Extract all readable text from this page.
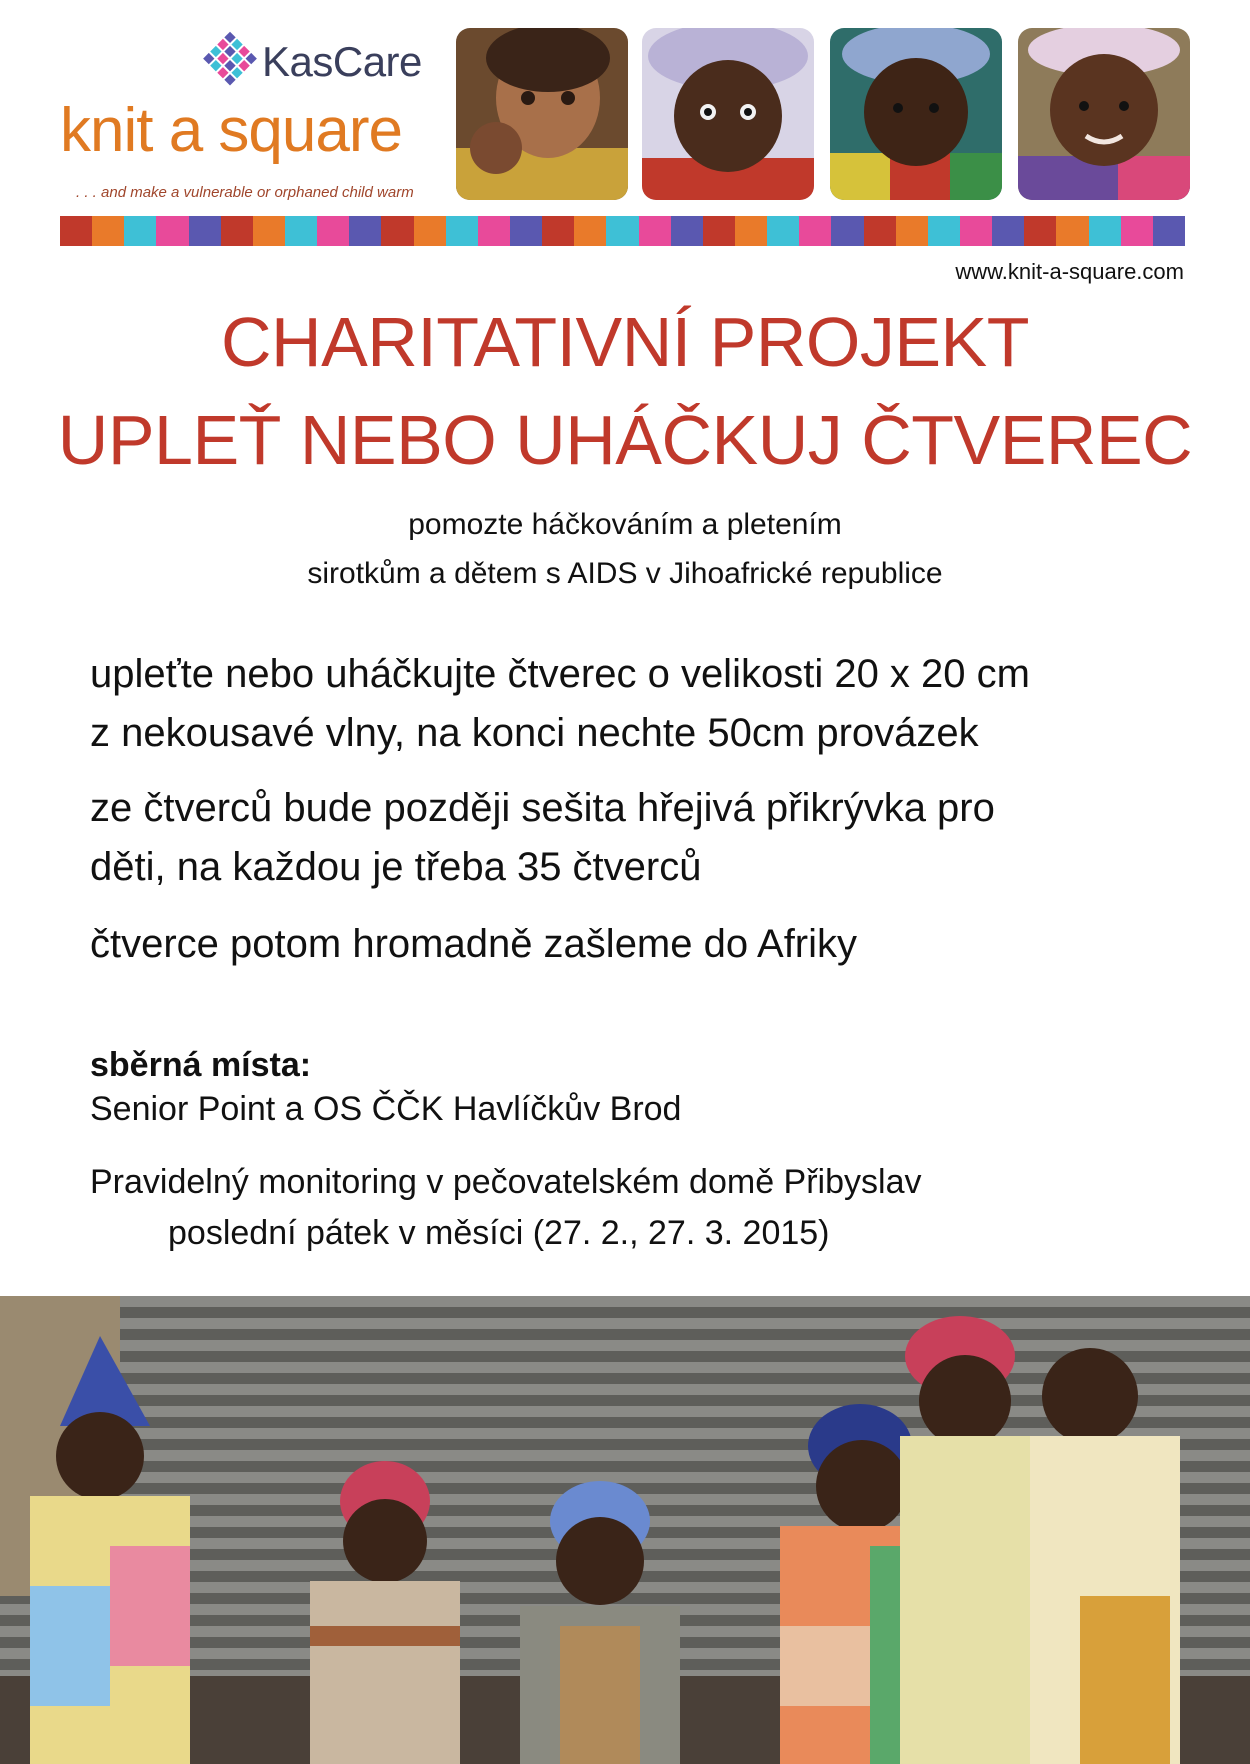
KasCare
knit a square
. . . and make a vulnerable or orphaned child warm
www.knit-a-square.com
CHARITATIVNÍ PROJEKT
UPLEŤ NEBO UHÁČKUJ ČTVEREC
pomozte háčkováním a pletením
sirotkům a dětem s AIDS v Jihoafrické republice
upleťte nebo uháčkujte čtverec o velikosti 20 x 20 cm
z nekousavé vlny, na konci nechte 50cm provázek
ze čtverců bude později sešita hřejivá přikrývka pro
děti, na každou je třeba 35 čtverců
čtverce potom hromadně zašleme do Afriky
sběrná místa:
Senior Point a OS ČČK Havlíčkův Brod
Pravidelný monitoring v pečovatelském domě Přibyslav
poslední pátek v měsíci (27. 2., 27. 3. 2015)
